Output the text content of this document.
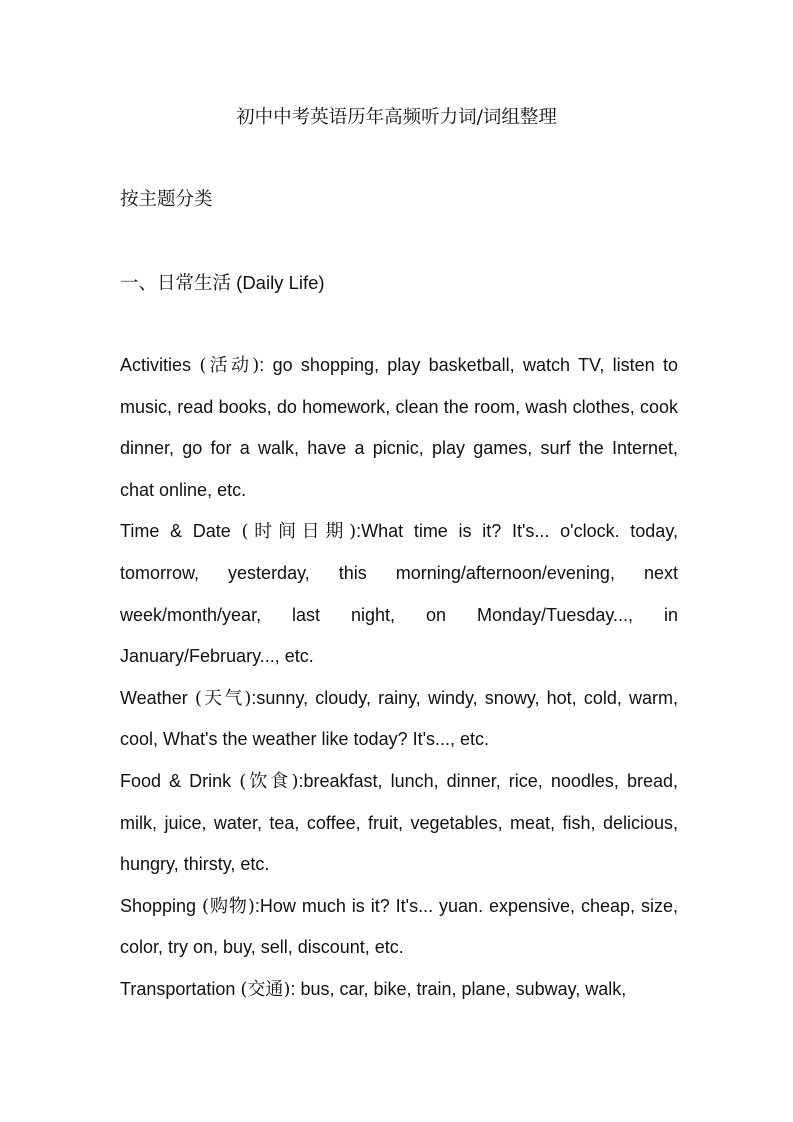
初中中考英语历年高频听力词/词组整理
按主题分类
一、日常生活 (Daily Life)

Activities (活动): go shopping, play basketball, watch TV, listen to music, read books, do homework, clean the room, wash clothes, cook dinner, go for a walk, have a picnic, play games, surf the Internet, chat online, etc.

Time & Date (时间日期):What time is it? It's... o'clock. today, tomorrow, yesterday, this morning/afternoon/evening, next week/month/year, last night, on Monday/Tuesday..., in January/February..., etc.

Weather (天气):sunny, cloudy, rainy, windy, snowy, hot, cold, warm, cool, What's the weather like today? It's..., etc.

Food & Drink (饮食):breakfast, lunch, dinner, rice, noodles, bread, milk, juice, water, tea, coffee, fruit, vegetables, meat, fish, delicious, hungry, thirsty, etc.

Shopping (购物):How much is it? It's... yuan. expensive, cheap, size, color, try on, buy, sell, discount, etc.

Transportation (交通): bus, car, bike, train, plane, subway, walk,
